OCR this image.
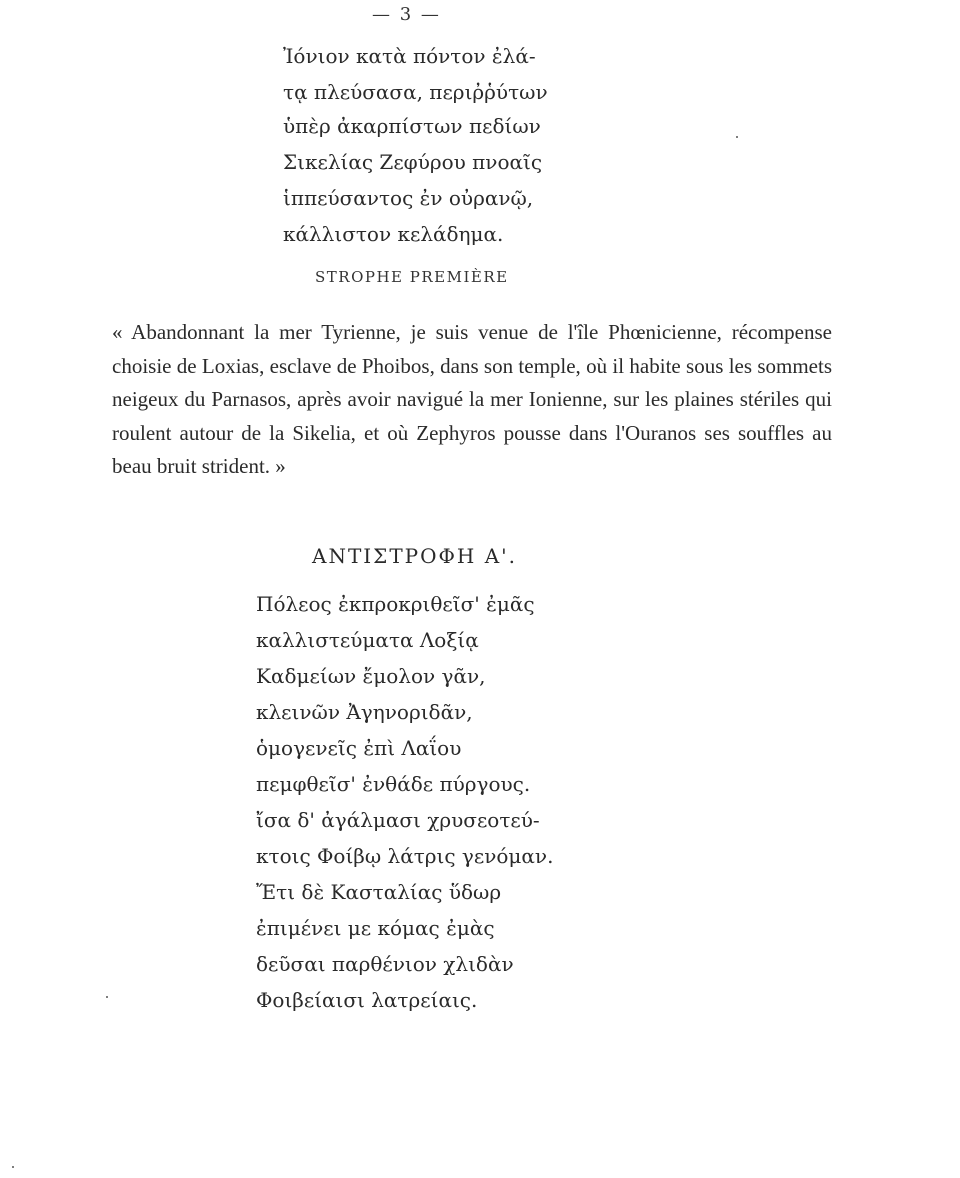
— 3 —
Ἰόνιον κατὰ πόντον ἐλά-
τᾳ πλεύσασα, περιῤῥύτων
ὑπὲρ ἀκαρπίστων πεδίων
Σικελίας Ζεφύρου πνοαῖς
ἱππεύσαντος ἐν οὐρανῷ,
κάλλιστον κελάδημα.
STROPHE PREMIÈRE
« Abandonnant la mer Tyrienne, je suis venue de l'île Phœnicienne, récompense choisie de Loxias, esclave de Phoibos, dans son temple, où il habite sous les sommets neigeux du Parnasos, après avoir navigué la mer Ionienne, sur les plaines stériles qui roulent autour de la Sikelia, et où Zephyros pousse dans l'Ouranos ses souffles au beau bruit strident. »
ΑΝΤΙΣΤΡΟΦΗ Α'.
Πόλεος ἐκπροκριθεῖσ' ἐμᾶς
καλλιστεύματα Λοξίᾳ
Καδμείων ἔμολον γᾶν,
κλεινῶν Ἀγηνοριδᾶν,
ὁμογενεῖς ἐπὶ Λαΐου
πεμφθεῖσ' ἐνθάδε πύργους.
ἴσα δ' ἀγάλμασι χρυσεοτεύ-
κτοις Φοίβῳ λάτρις γενόμαν.
Ἔτι δὲ Κασταλίας ὕδωρ
ἐπιμένει με κόμας ἐμὰς
δεῦσαι παρθένιον χλιδὰν
Φοιβείαισι λατρείαις.
